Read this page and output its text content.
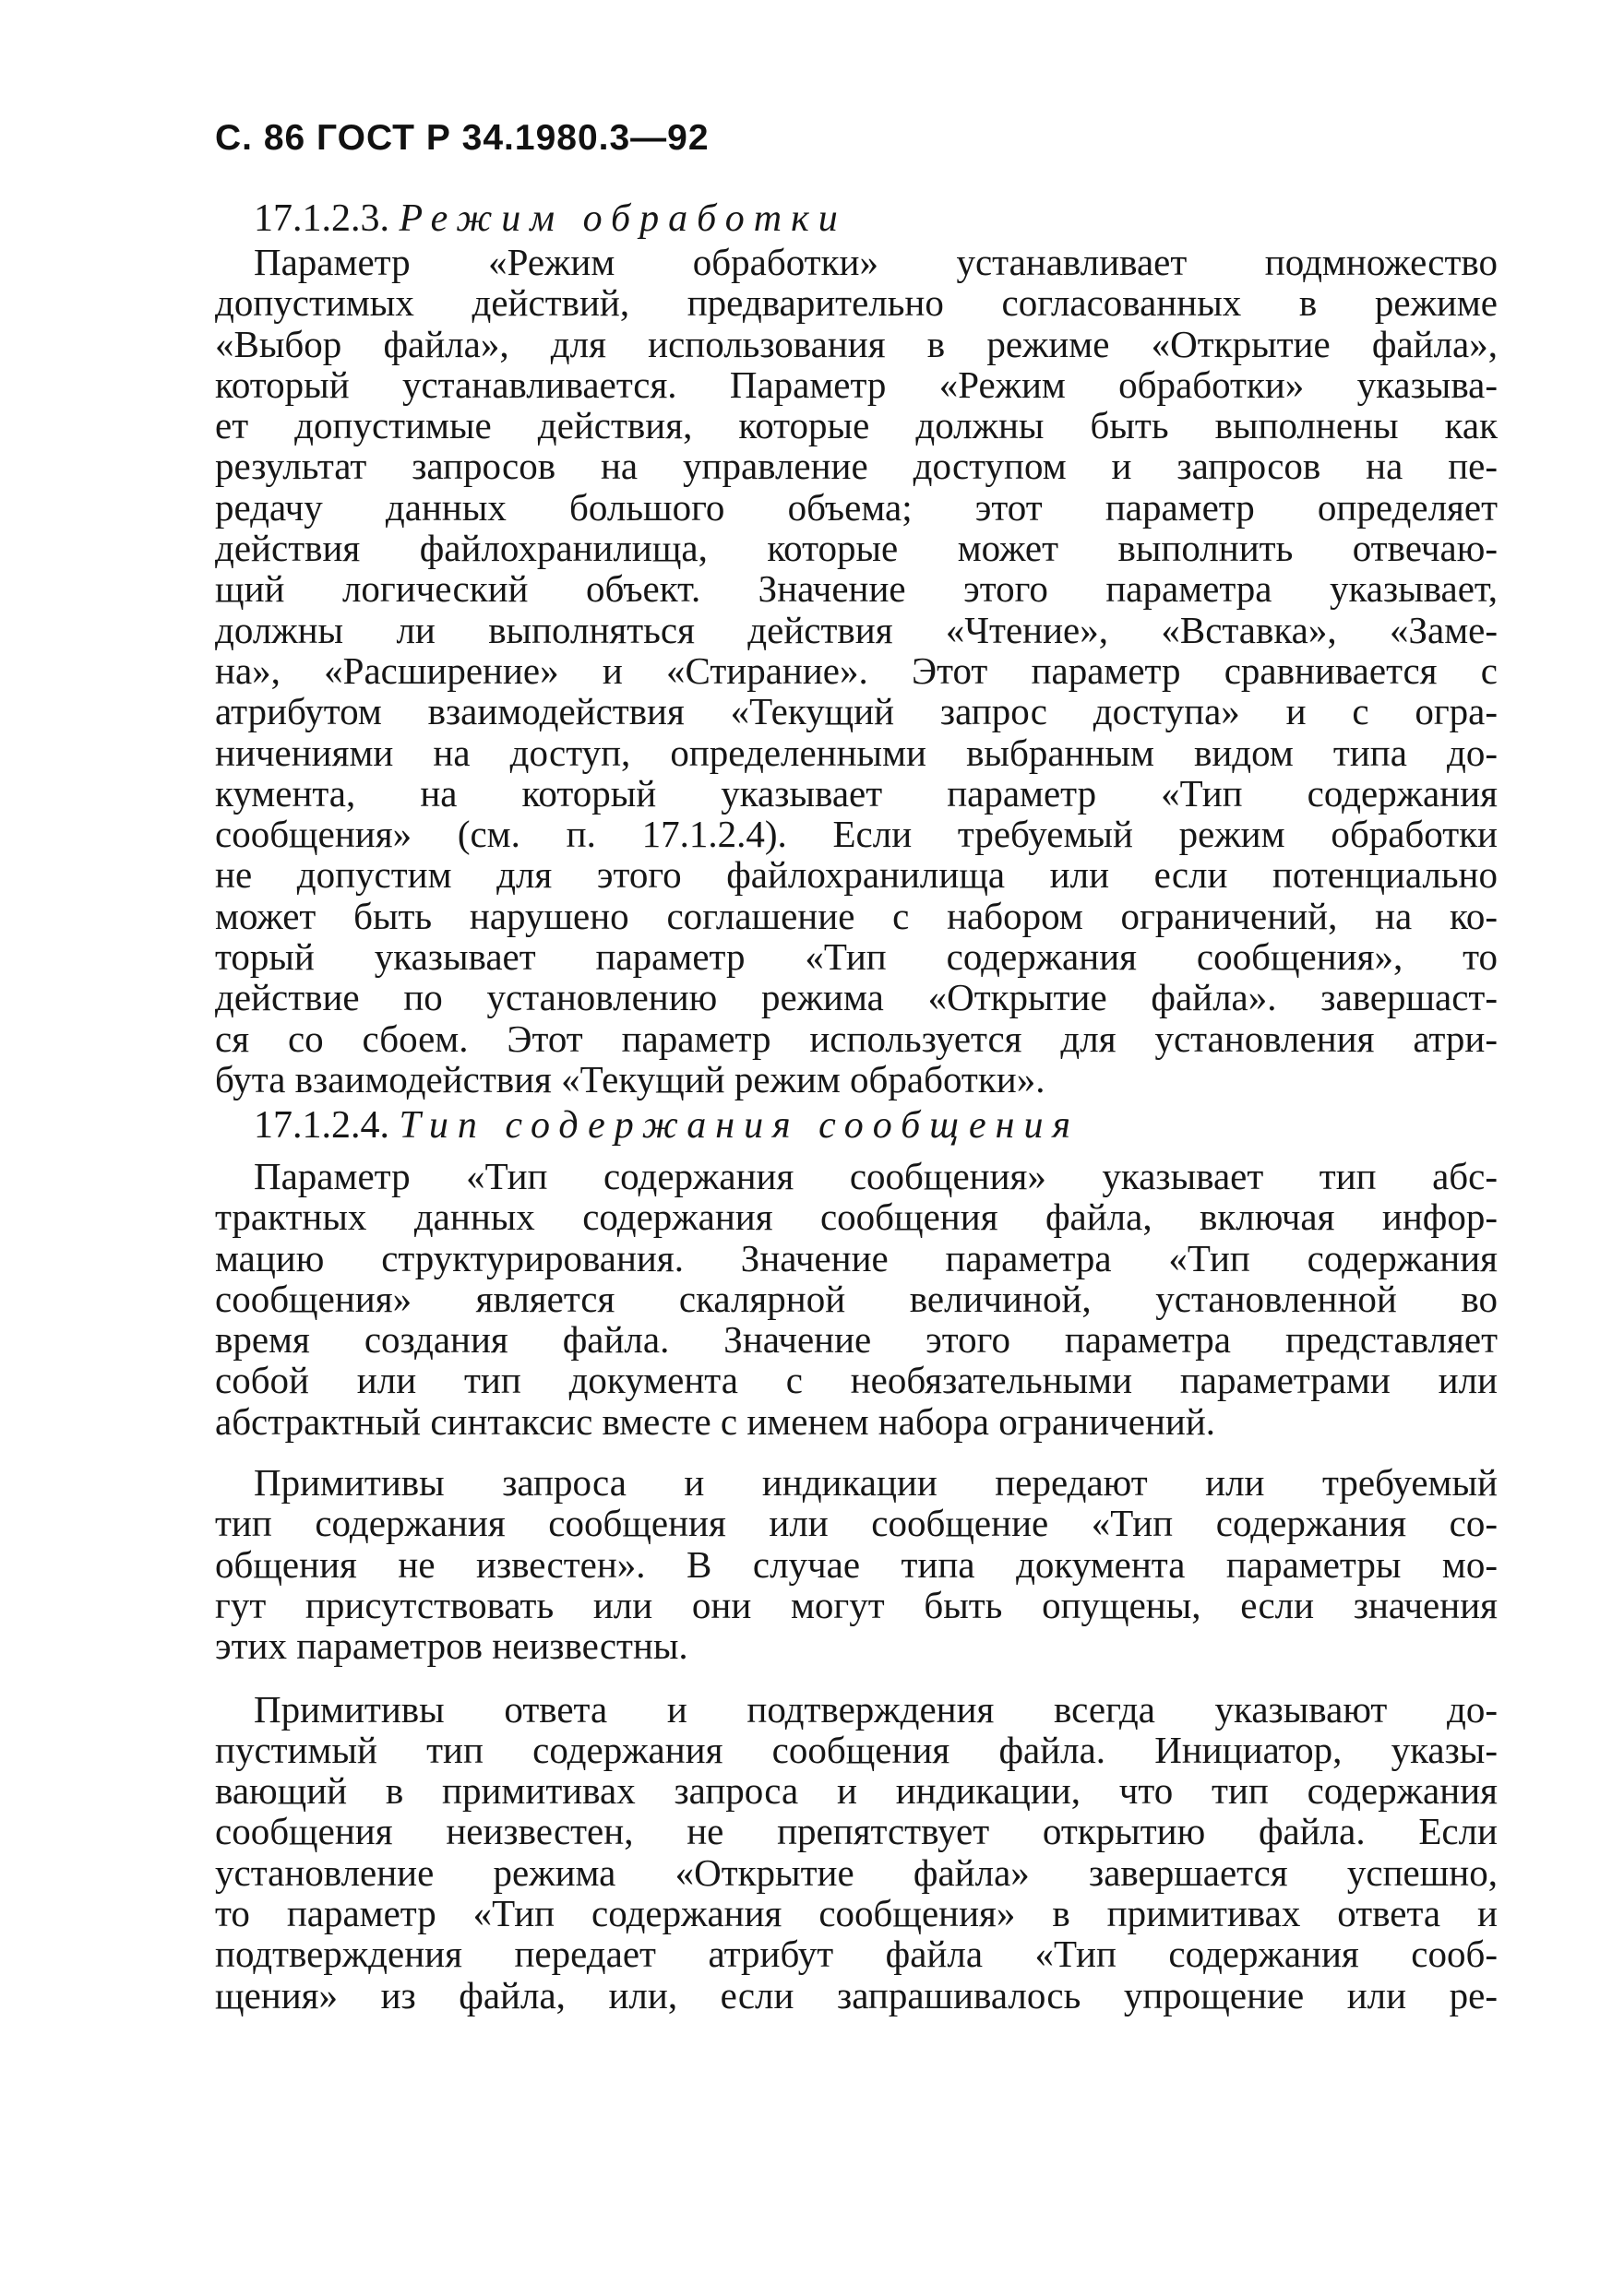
С. 86 ГОСТ Р 34.1980.3—92
17.1.2.3. Режим обработки
Параметр «Режим обработки» устанавливает подмножество
допустимых действий, предварительно согласованных в режиме
«Выбор файла», для использования в режиме «Открытие файла»,
который устанавливается. Параметр «Режим обработки» указыва-
ет допустимые действия, которые должны быть выполнены как
результат запросов на управление доступом и запросов на пе-
редачу данных большого объема; этот параметр определяет
действия файлохранилища, которые может выполнить отвечаю-
щий логический объект. Значение этого параметра указывает,
должны ли выполняться действия «Чтение», «Вставка», «Заме-
на», «Расширение» и «Стирание». Этот параметр сравнивается с
атрибутом взаимодействия «Текущий запрос доступа» и с огра-
ничениями на доступ, определенными выбранным видом типа до-
кумента, на который указывает параметр «Тип содержания
сообщения» (см. п. 17.1.2.4). Если требуемый режим обработки
не допустим для этого файлохранилища или если потенциально
может быть нарушено соглашение с набором ограничений, на ко-
торый указывает параметр «Тип содержания сообщения», то
действие по установлению режима «Открытие файла». завершаст-
ся со сбоем. Этот параметр используется для установления атри-
бута взаимодействия «Текущий режим обработки».
17.1.2.4. Тип содержания сообщения
Параметр «Тип содержания сообщения» указывает тип абс-
трактных данных содержания сообщения файла, включая инфор-
мацию структурирования. Значение параметра «Тип содержания
сообщения» является скалярной величиной, установленной во
время создания файла. Значение этого параметра представляет
собой или тип документа с необязательными параметрами или
абстрактный синтаксис вместе с именем набора ограничений.
Примитивы запроса и индикации передают или требуемый
тип содержания сообщения или сообщение «Тип содержания со-
общения не известен». В случае типа документа параметры мо-
гут присутствовать или они могут быть опущены, если значения
этих параметров неизвестны.
Примитивы ответа и подтверждения всегда указывают до-
пустимый тип содержания сообщения файла. Инициатор, указы-
вающий в примитивах запроса и индикации, что тип содержания
сообщения неизвестен, не препятствует открытию файла. Если
установление режима «Открытие файла» завершается успешно,
то параметр «Тип содержания сообщения» в примитивах ответа и
подтверждения передает атрибут файла «Тип содержания сооб-
щения» из файла, или, если запрашивалось упрощение или ре-
